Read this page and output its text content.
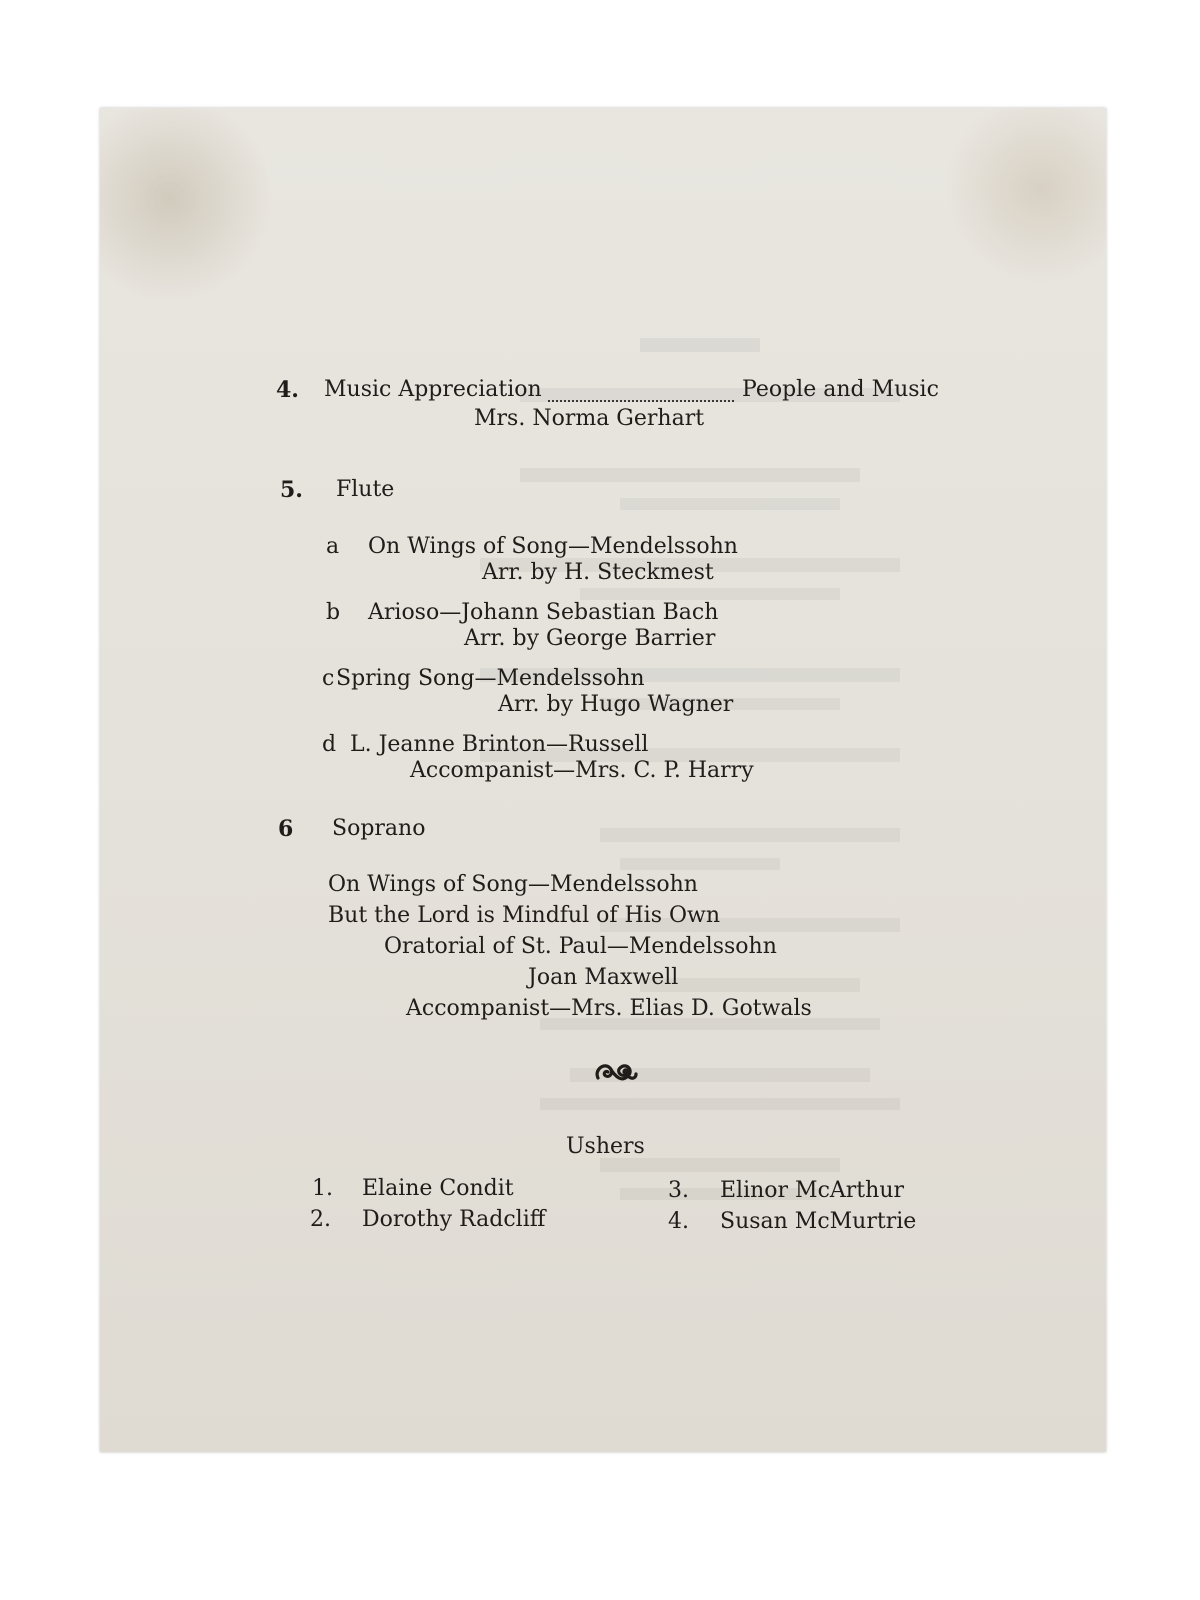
4. Music Appreciation	People and Music
Mrs. Norma Gerhart
5. Flute
a On Wings of Song—Mendelssohn
Arr. by H. Steckmest
b Arioso—Johann Sebastian Bach
Arr. by George Barrier
c Spring Song—Mendelssohn
Arr. by Hugo Wagner
d L. Jeanne Brinton—Russell
Accompanist—Mrs. C. P. Harry
6 Soprano
On Wings of Song—Mendelssohn
But the Lord is Mindful of His Own
Oratorial of St. Paul—Mendelssohn
Joan Maxwell
Accompanist—Mrs. Elias D. Gotwals
Ushers
1. Elaine Condit
2. Dorothy Radcliff
3. Elinor McArthur
4. Susan McMurtrie
